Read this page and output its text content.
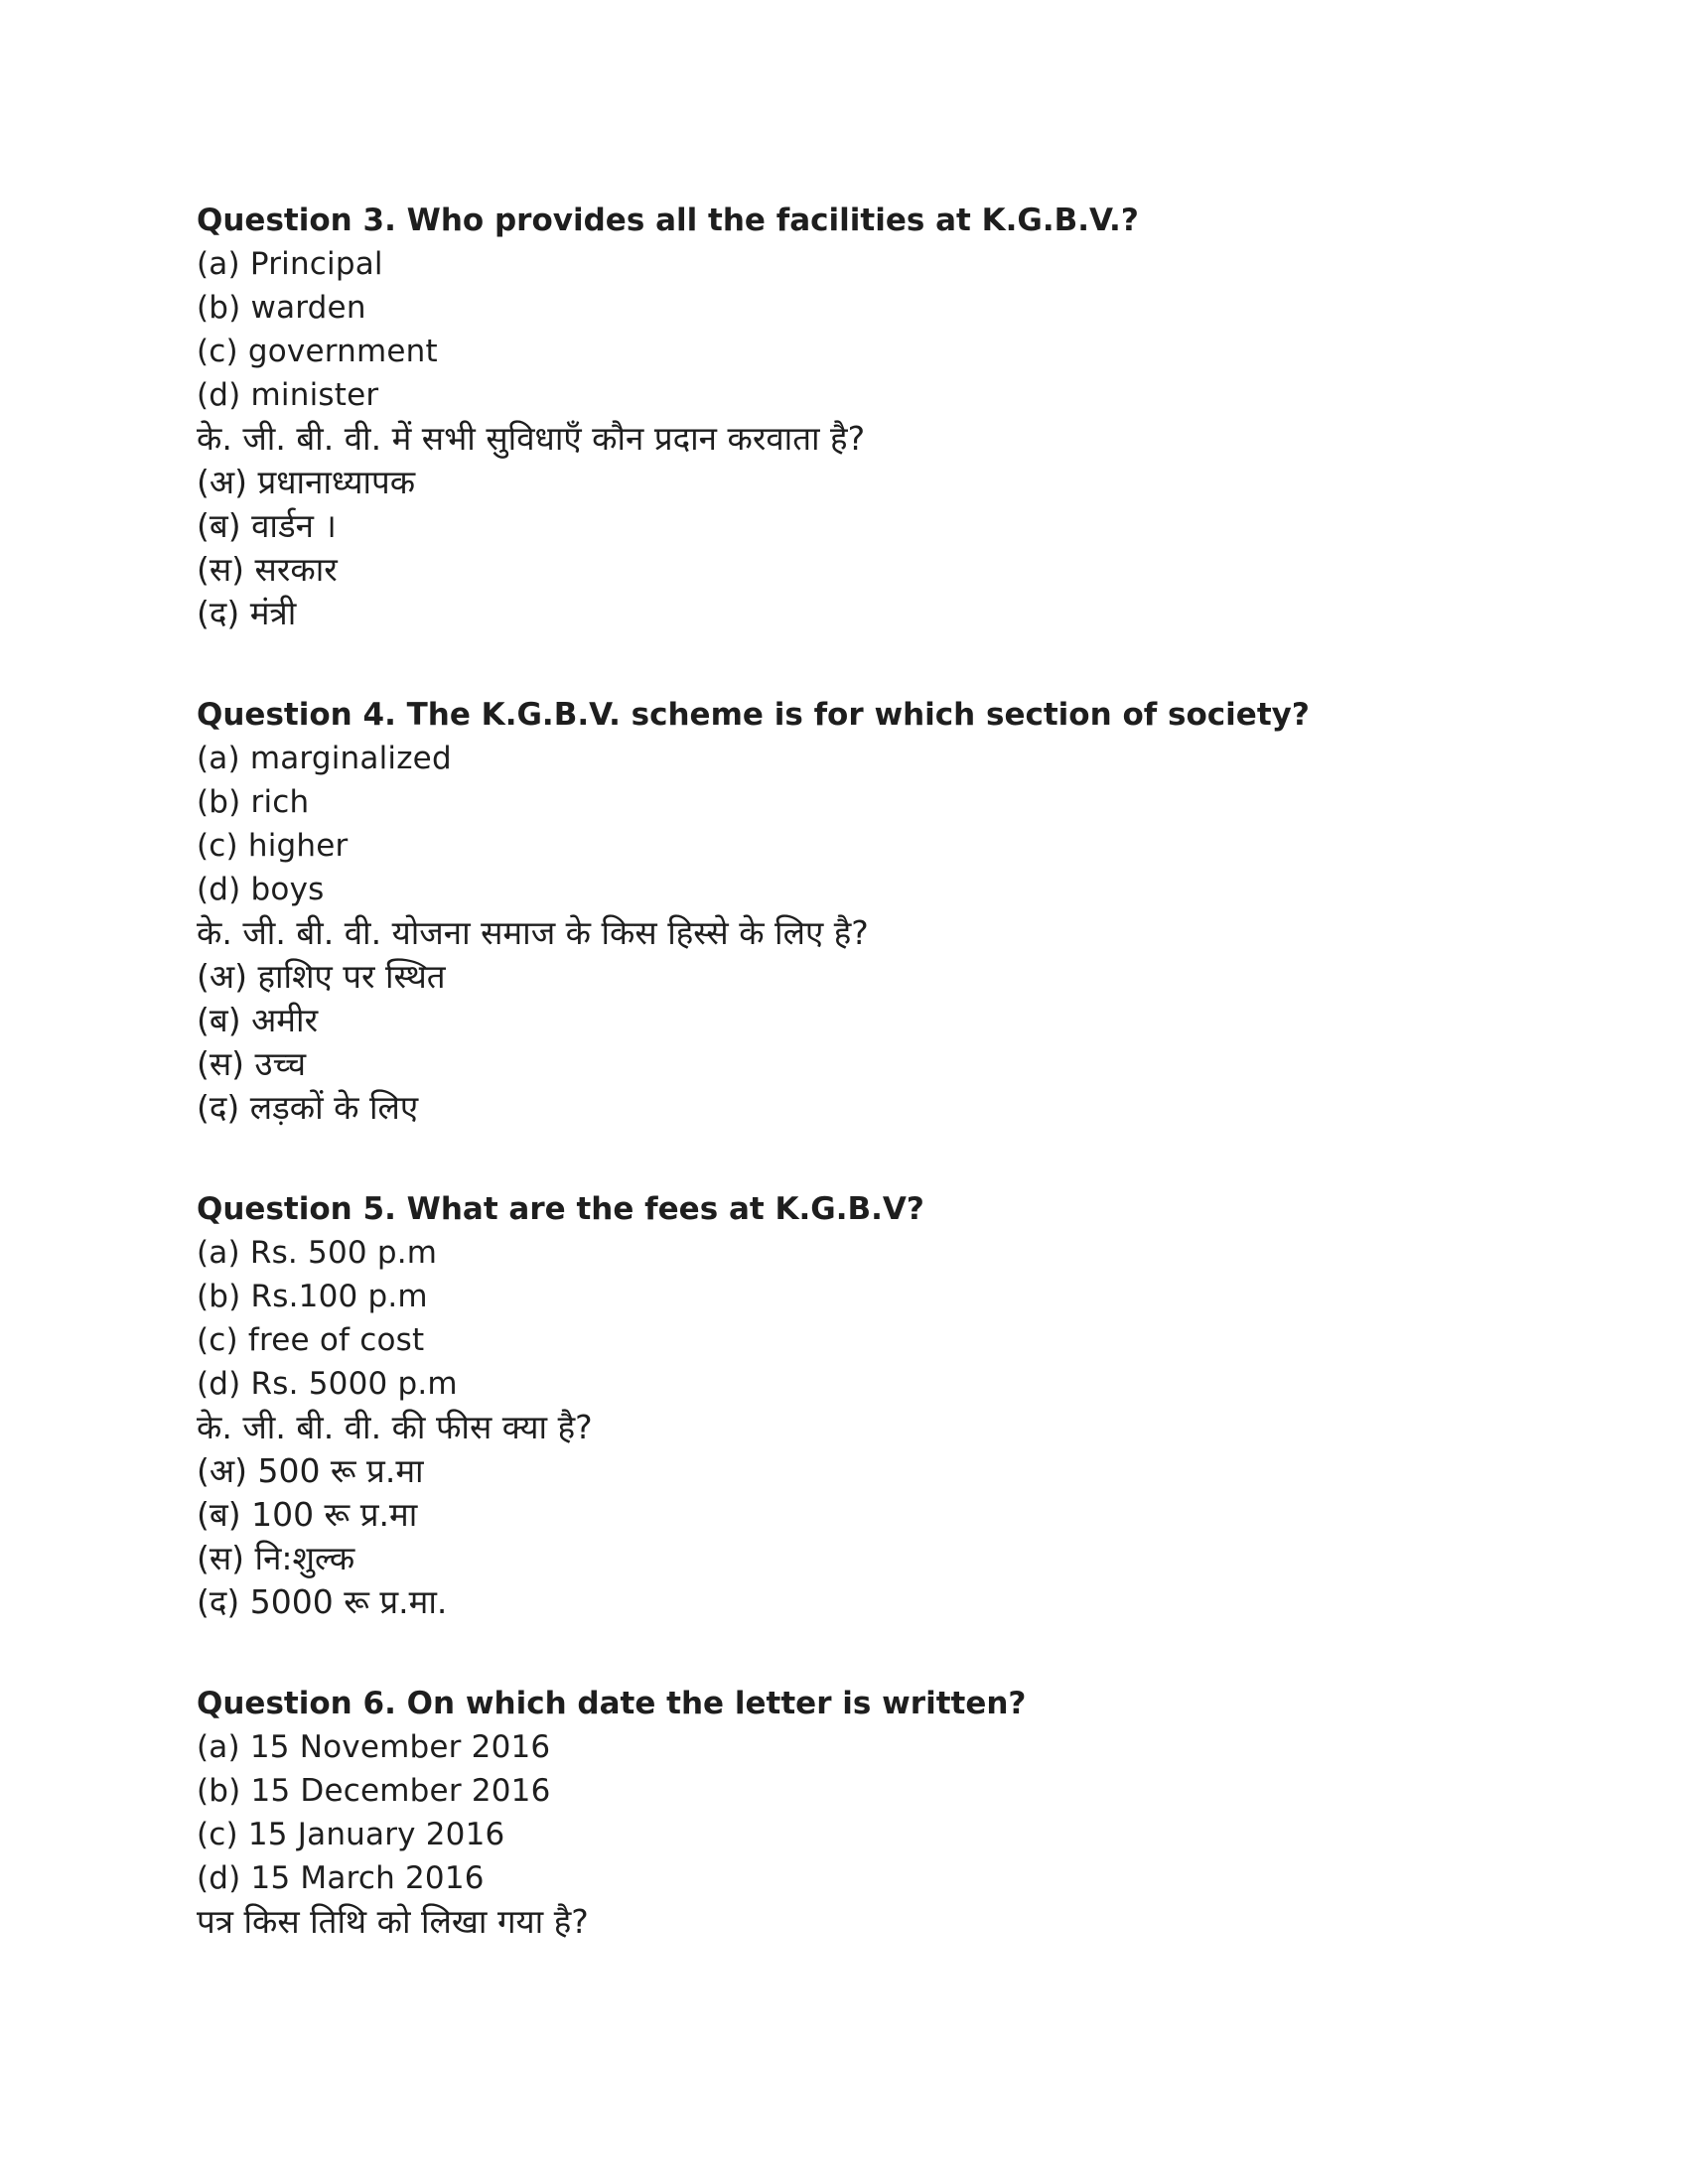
Question 3. Who provides all the facilities at K.G.B.V.?
(a) Principal
(b) warden
(c) government
(d) minister
के. जी. बी. वी. में सभी सुविधाएँ कौन प्रदान करवाता है?
(अ) प्रधानाध्यापक
(ब) वार्डन ।
(स) सरकार
(द) मंत्री
Question 4. The K.G.B.V. scheme is for which section of society?
(a) marginalized
(b) rich
(c) higher
(d) boys
के. जी. बी. वी. योजना समाज के किस हिस्से के लिए है?
(अ) हाशिए पर स्थित
(ब) अमीर
(स) उच्च
(द) लड़कों के लिए
Question 5. What are the fees at K.G.B.V?
(a) Rs. 500 p.m
(b) Rs.100 p.m
(c) free of cost
(d) Rs. 5000 p.m
के. जी. बी. वी. की फीस क्या है?
(अ) 500 रू प्र.मा
(ब) 100 रू प्र.मा
(स) नि:शुल्क
(द) 5000 रू प्र.मा.
Question 6. On which date the letter is written?
(a) 15 November 2016
(b) 15 December 2016
(c) 15 January 2016
(d) 15 March 2016
पत्र किस तिथि को लिखा गया है?
